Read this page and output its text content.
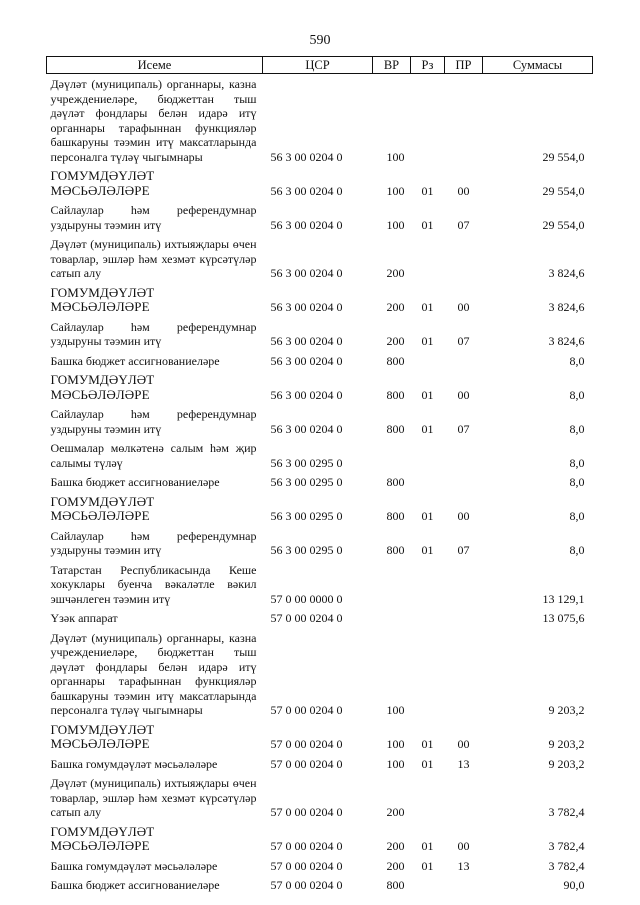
590
Исеме	ЦСР	ВР	Рз	ПР	Суммасы
Дәүләт (муниципаль) органнары, казна учреждениеләре, бюджеттан тыш дәүләт фондлары белән идарә итү органнары тарафыннан функцияләр башкаруны тәэмин итү максатларында персоналга түләү чыгымнары	56 3 00 0204 0	100			29 554,0
ГОМУМДӘҮЛӘТ МӘСЬӘЛӘЛӘРЕ	56 3 00 0204 0	100	01	00	29 554,0
Сайлаулар һәм референдумнар уздыруны тәэмин итү	56 3 00 0204 0	100	01	07	29 554,0
Дәүләт (муниципаль) ихтыяҗлары өчен товарлар, эшләр һәм хезмәт күрсәтүләр сатып алу	56 3 00 0204 0	200			3 824,6
ГОМУМДӘҮЛӘТ МӘСЬӘЛӘЛӘРЕ	56 3 00 0204 0	200	01	00	3 824,6
Сайлаулар һәм референдумнар уздыруны тәэмин итү	56 3 00 0204 0	200	01	07	3 824,6
Башка бюджет ассигнованиеләре	56 3 00 0204 0	800			8,0
ГОМУМДӘҮЛӘТ МӘСЬӘЛӘЛӘРЕ	56 3 00 0204 0	800	01	00	8,0
Сайлаулар һәм референдумнар уздыруны тәэмин итү	56 3 00 0204 0	800	01	07	8,0
Оешмалар мөлкәтенә салым һәм җир салымы түләү	56 3 00 0295 0				8,0
Башка бюджет ассигнованиеләре	56 3 00 0295 0	800			8,0
ГОМУМДӘҮЛӘТ МӘСЬӘЛӘЛӘРЕ	56 3 00 0295 0	800	01	00	8,0
Сайлаулар һәм референдумнар уздыруны тәэмин итү	56 3 00 0295 0	800	01	07	8,0
Татарстан Республикасында Кеше хокуклары буенча вәкаләтле вәкил эшчәнлеген тәэмин итү	57 0 00 0000 0				13 129,1
Үзәк аппарат	57 0 00 0204 0				13 075,6
Дәүләт (муниципаль) органнары, казна учреждениеләре, бюджеттан тыш дәүләт фондлары белән идарә итү органнары тарафыннан функцияләр башкаруны тәэмин итү максатларында персоналга түләү чыгымнары	57 0 00 0204 0	100			9 203,2
ГОМУМДӘҮЛӘТ МӘСЬӘЛӘЛӘРЕ	57 0 00 0204 0	100	01	00	9 203,2
Башка гомумдәүләт мәсьәләләре	57 0 00 0204 0	100	01	13	9 203,2
Дәүләт (муниципаль) ихтыяҗлары өчен товарлар, эшләр һәм хезмәт күрсәтүләр сатып алу	57 0 00 0204 0	200			3 782,4
ГОМУМДӘҮЛӘТ МӘСЬӘЛӘЛӘРЕ	57 0 00 0204 0	200	01	00	3 782,4
Башка гомумдәүләт мәсьәләләре	57 0 00 0204 0	200	01	13	3 782,4
Башка бюджет ассигнованиеләре	57 0 00 0204 0	800			90,0
